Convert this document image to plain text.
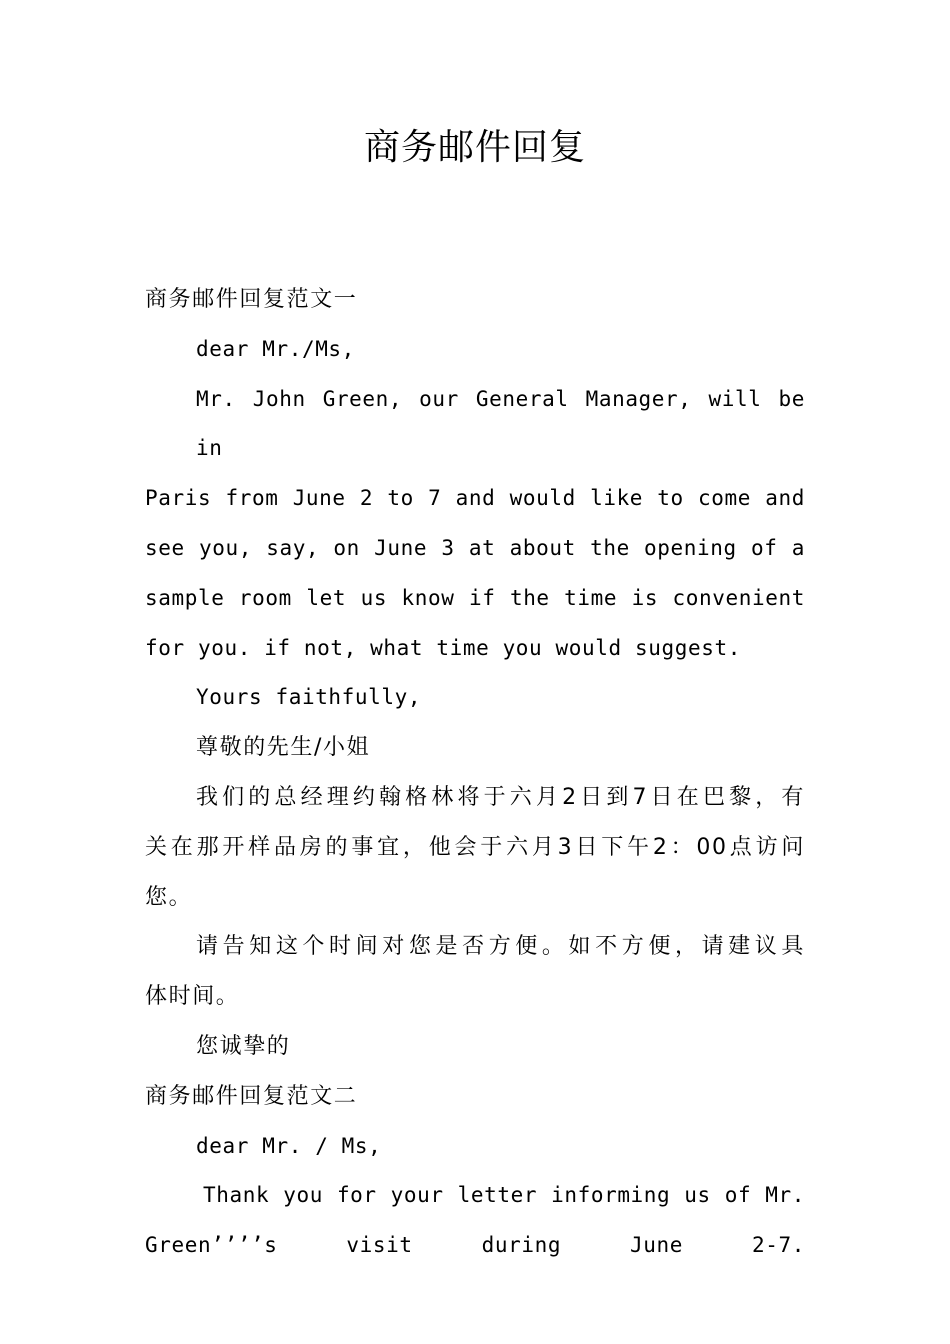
商务邮件回复
商务邮件回复范文一
dear Mr./Ms,
Mr. John Green, our General Manager, will be in
Paris from June 2 to 7 and would like to come and
see you, say, on June 3 at about the opening of a
sample room let us know if the time is convenient
for you. if not, what time you would suggest.
Yours faithfully,
尊敬的先生/小姐
我们的总经理约翰格林将于六月2日到7日在巴黎，有
关在那开样品房的事宜，他会于六月3日下午2：00点访问
您。
请告知这个时间对您是否方便。如不方便，请建议具
体时间。
您诚挚的
商务邮件回复范文二
dear Mr. / Ms,
Thank you for your letter informing us of Mr.
Green’’’’s visit during June 2-7.
